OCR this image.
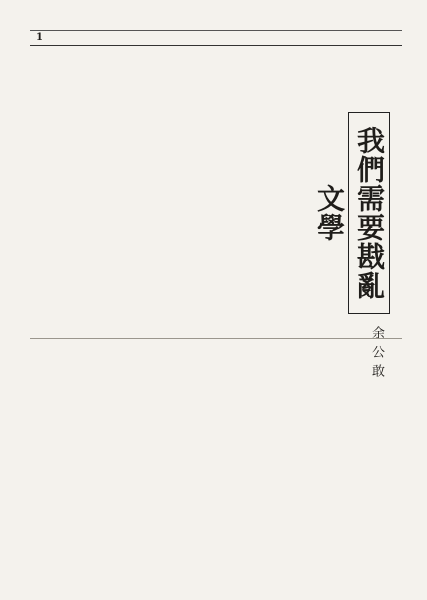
1
我們需要戡亂文學
余公敢
